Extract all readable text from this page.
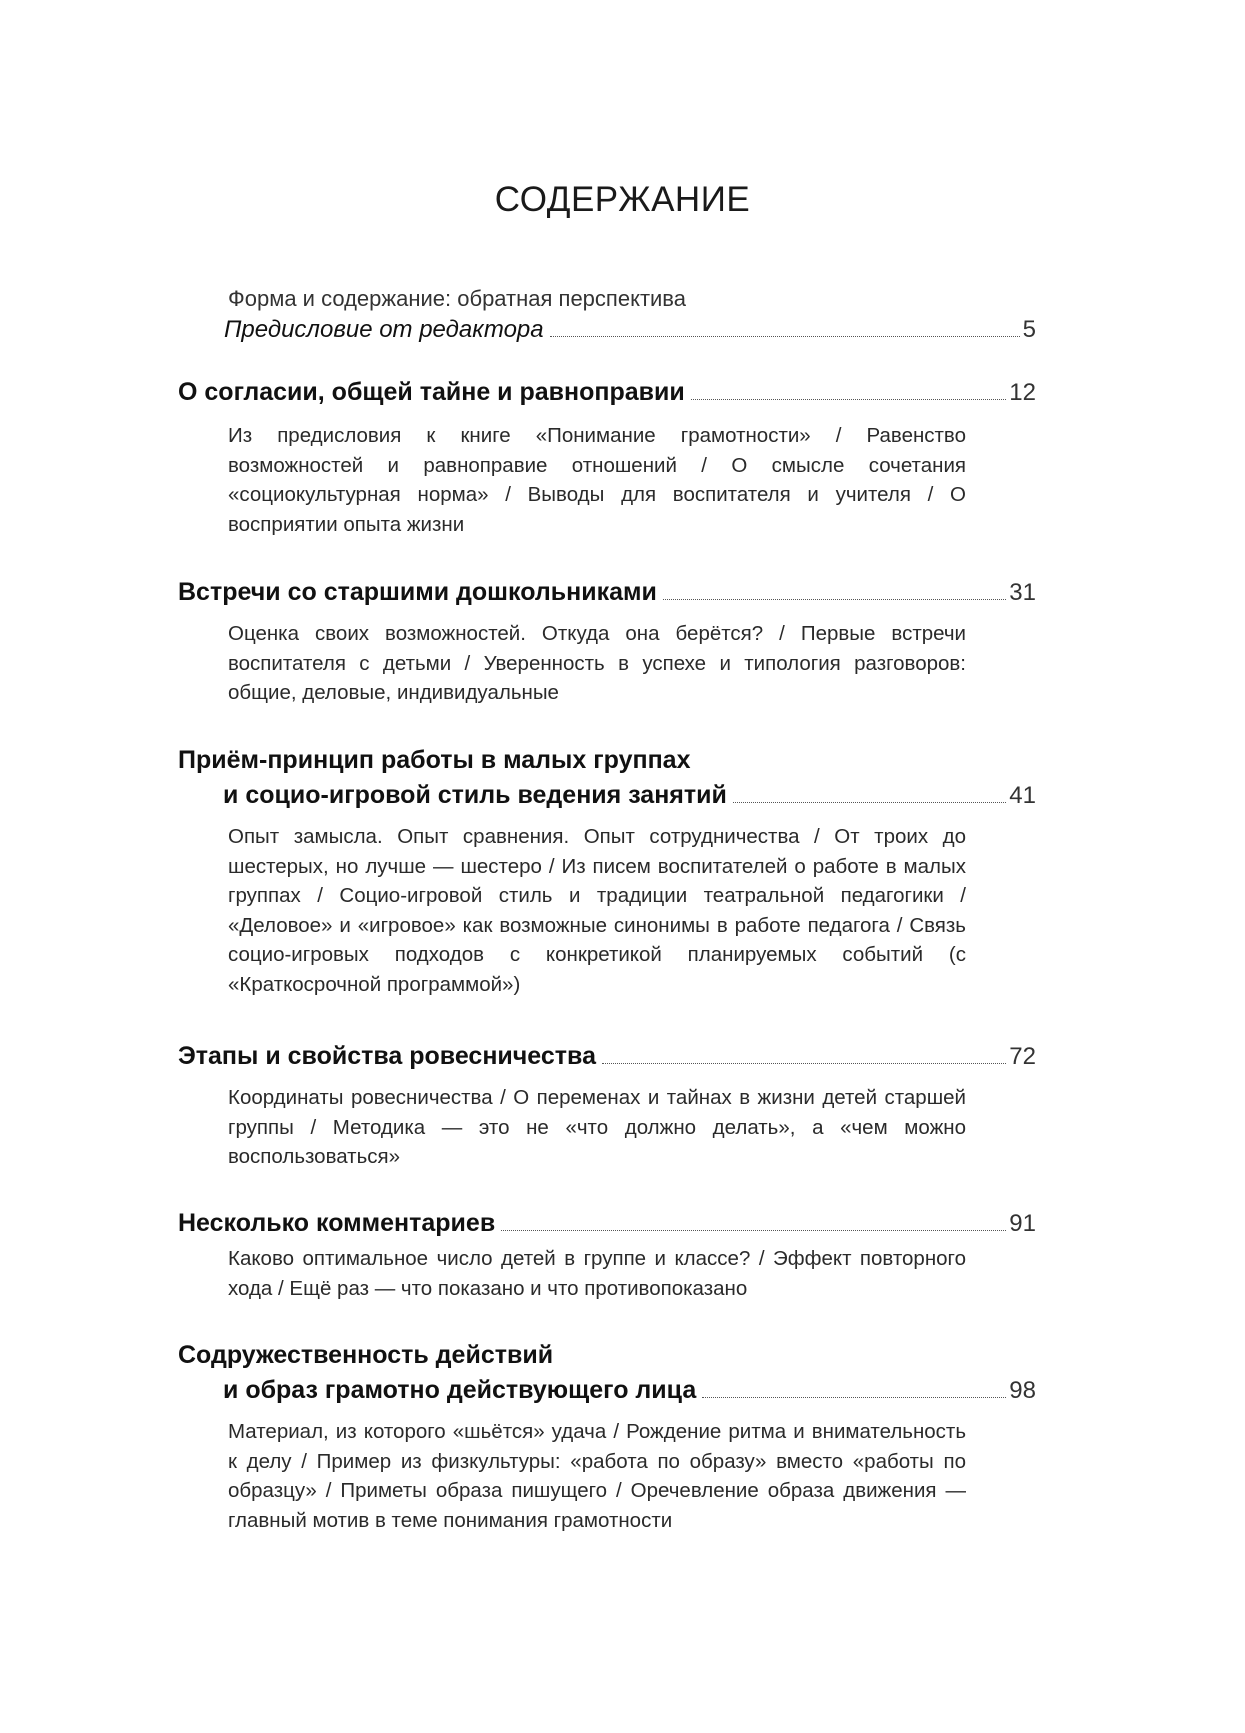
СОДЕРЖАНИЕ
Форма и содержание: обратная перспектива
Предисловие от редактора	5
О согласии, общей тайне и равноправии	12
Из предисловия к книге «Понимание грамотности» / Равенство возможностей и равноправие отношений / О смысле сочетания «социокультурная норма» / Выводы для воспитателя и учителя / О восприятии опыта жизни
Встречи со старшими дошкольниками	31
Оценка своих возможностей. Откуда она берётся? / Первые встречи воспитателя с детьми / Уверенность в успехе и типология разговоров: общие, деловые, индивидуальные
Приём-принцип работы в малых группах
и социо-игровой стиль ведения занятий	41
Опыт замысла. Опыт сравнения. Опыт сотрудничества / От троих до шестерых, но лучше — шестеро / Из писем воспитателей о работе в малых группах / Социо-игровой стиль и традиции театральной педагогики / «Деловое» и «игровое» как возможные синонимы в работе педагога / Связь социо-игровых подходов с конкретикой планируемых событий (с «Краткосрочной программой»)
Этапы и свойства ровесничества	72
Координаты ровесничества / О переменах и тайнах в жизни детей старшей группы / Методика — это не «что должно делать», а «чем можно воспользоваться»
Несколько комментариев	91
Каково оптимальное число детей в группе и классе? / Эффект повторного хода / Ещё раз — что показано и что противопоказано
Содружественность действий
и образ грамотно действующего лица	98
Материал, из которого «шьётся» удача / Рождение ритма и внимательность к делу / Пример из физкультуры: «работа по образу» вместо «работы по образцу» / Приметы образа пишущего / Оречевление образа движения — главный мотив в теме понимания грамотности
